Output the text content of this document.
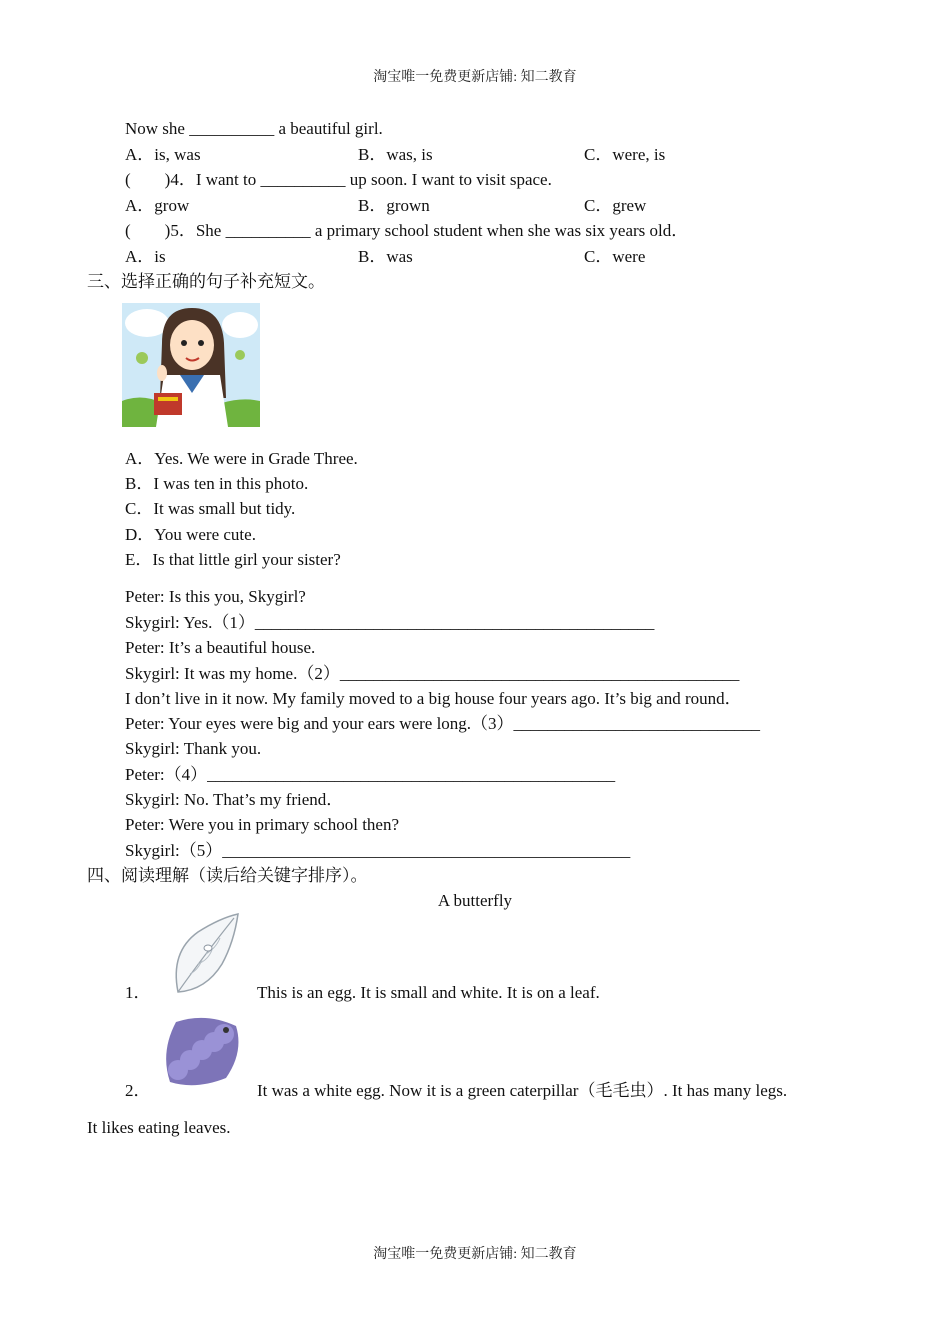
淘宝唯一免费更新店铺: 知二教育
Now she __________ a beautiful girl.
A．is, was	B．was, is	C．were, is
(　　)4．I want to __________ up soon. I want to visit space.
A．grow	B．grown	C．grew
(　　)5．She __________ a primary school student when she was six years old．
A．is	B．was	C．were
三、选择正确的句子补充短文。
A．Yes. We were in Grade Three.
B．I was ten in this photo.
C．It was small but tidy.
D．You were cute.
E．Is that little girl your sister?
Peter: Is this you, Skygirl?
Skygirl: Yes.（1）_______________________________________________
Peter: It’s a beautiful house.
Skygirl: It was my home.（2）_______________________________________________
I don’t live in it now. My family moved to a big house four years ago. It’s big and round．
Peter: Your eyes were big and your ears were long.（3）_____________________________
Skygirl: Thank you.
Peter:（4）________________________________________________
Skygirl: No. That’s my friend．
Peter: Were you in primary school then?
Skygirl:（5）________________________________________________
四、阅读理解（读后给关键字排序）。
A butterfly
1．	This is an egg. It is small and white. It is on a leaf.
2．	It was a white egg. Now it is a green caterpillar（毛毛虫）. It has many legs.
It likes eating leaves.
淘宝唯一免费更新店铺: 知二教育
